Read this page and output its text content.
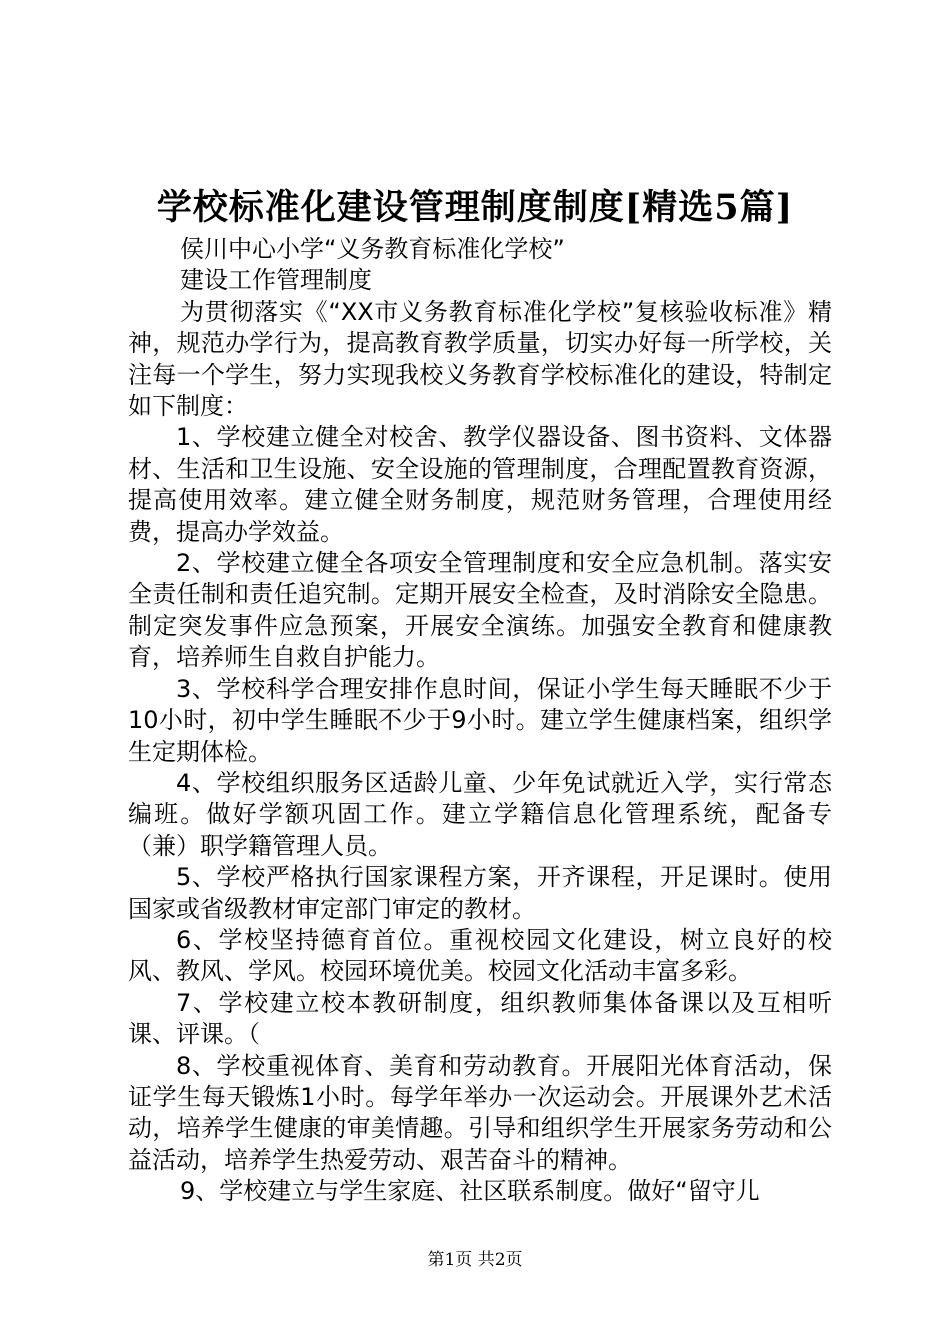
学校标准化建设管理制度制度[精选5篇]

侯川中心小学“义务教育标准化学校”

建设工作管理制度

为贯彻落实《“XX市义务教育标准化学校”复核验收标准》精神，规范办学行为，提高教育教学质量，切实办好每一所学校，关注每一个学生，努力实现我校义务教育学校标准化的建设，特制定如下制度：

1、学校建立健全对校舍、教学仪器设备、图书资料、文体器材、生活和卫生设施、安全设施的管理制度，合理配置教育资源，提高使用效率。建立健全财务制度，规范财务管理，合理使用经费，提高办学效益。

2、学校建立健全各项安全管理制度和安全应急机制。落实安全责任制和责任追究制。定期开展安全检查，及时消除安全隐患。制定突发事件应急预案，开展安全演练。加强安全教育和健康教育，培养师生自救自护能力。

3、学校科学合理安排作息时间，保证小学生每天睡眠不少于10小时，初中学生睡眠不少于9小时。建立学生健康档案，组织学生定期体检。

4、学校组织服务区适龄儿童、少年免试就近入学，实行常态编班。做好学额巩固工作。建立学籍信息化管理系统，配备专（兼）职学籍管理人员。

5、学校严格执行国家课程方案，开齐课程，开足课时。使用国家或省级教材审定部门审定的教材。

6、学校坚持德育首位。重视校园文化建设，树立良好的校风、教风、学风。校园环境优美。校园文化活动丰富多彩。

7、学校建立校本教研制度，组织教师集体备课以及互相听课、评课。（

8、学校重视体育、美育和劳动教育。开展阳光体育活动，保证学生每天锻炼1小时。每学年举办一次运动会。开展课外艺术活动，培养学生健康的审美情趣。引导和组织学生开展家务劳动和公益活动，培养学生热爱劳动、艰苦奋斗的精神。

9、学校建立与学生家庭、社区联系制度。做好“留守儿

第1页 共2页
